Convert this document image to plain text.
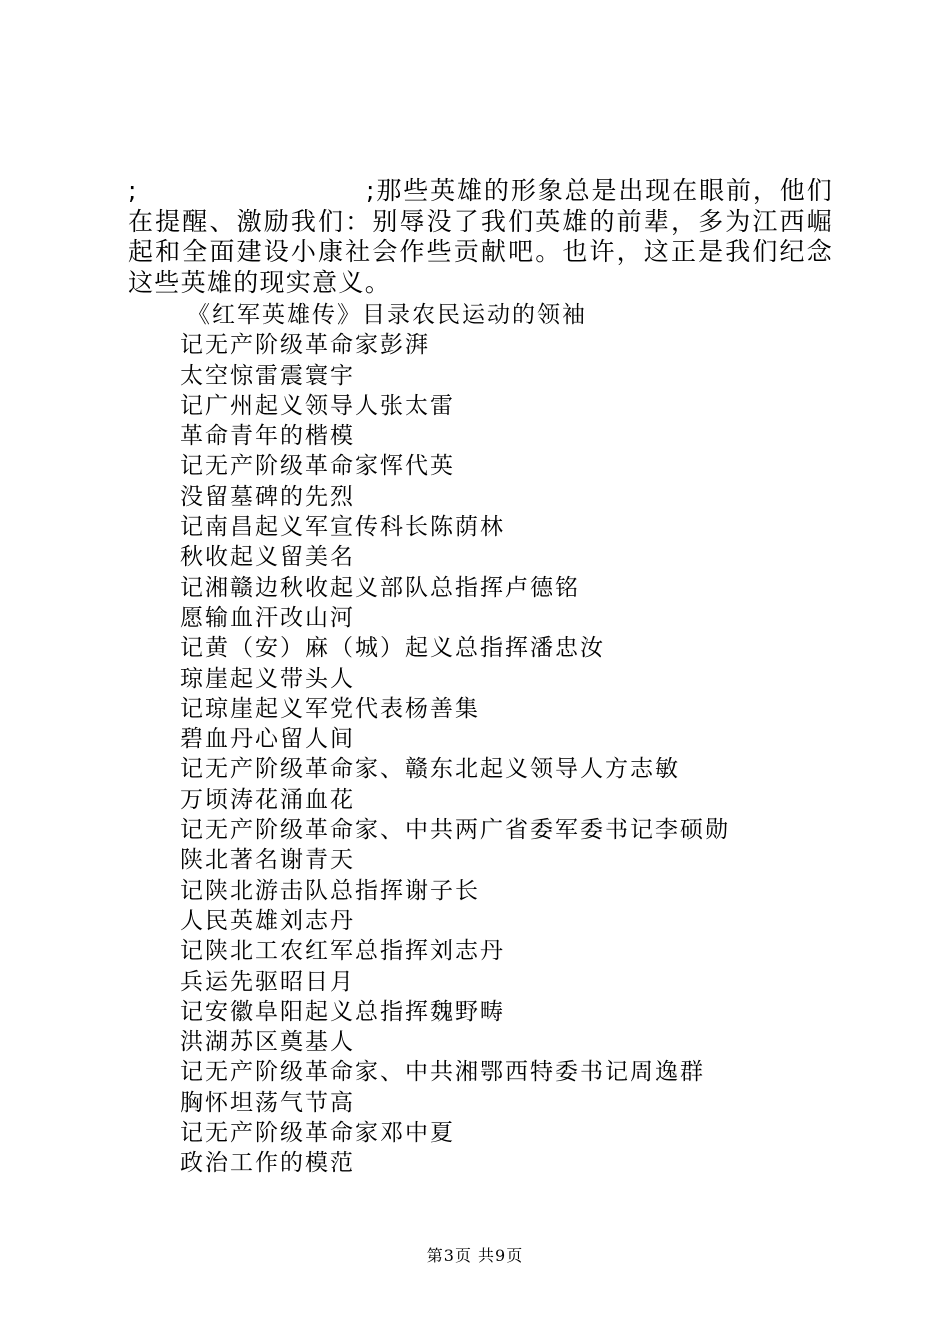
;	;那些英雄的形象总是出现在眼前，他们在提醒、激励我们：别辱没了我们英雄的前辈，多为江西崛起和全面建设小康社会作些贡献吧。也许，这正是我们纪念这些英雄的现实意义。

《红军英雄传》目录农民运动的领袖
记无产阶级革命家彭湃
太空惊雷震寰宇
记广州起义领导人张太雷
革命青年的楷模
记无产阶级革命家恽代英
没留墓碑的先烈
记南昌起义军宣传科长陈荫林
秋收起义留美名
记湘赣边秋收起义部队总指挥卢德铭
愿输血汗改山河
记黄（安）麻（城）起义总指挥潘忠汝
琼崖起义带头人
记琼崖起义军党代表杨善集
碧血丹心留人间
记无产阶级革命家、赣东北起义领导人方志敏
万顷涛花涌血花
记无产阶级革命家、中共两广省委军委书记李硕勋
陕北著名谢青天
记陕北游击队总指挥谢子长
人民英雄刘志丹
记陕北工农红军总指挥刘志丹
兵运先驱昭日月
记安徽阜阳起义总指挥魏野畴
洪湖苏区奠基人
记无产阶级革命家、中共湘鄂西特委书记周逸群
胸怀坦荡气节高
记无产阶级革命家邓中夏
政治工作的模范
第3页 共9页
